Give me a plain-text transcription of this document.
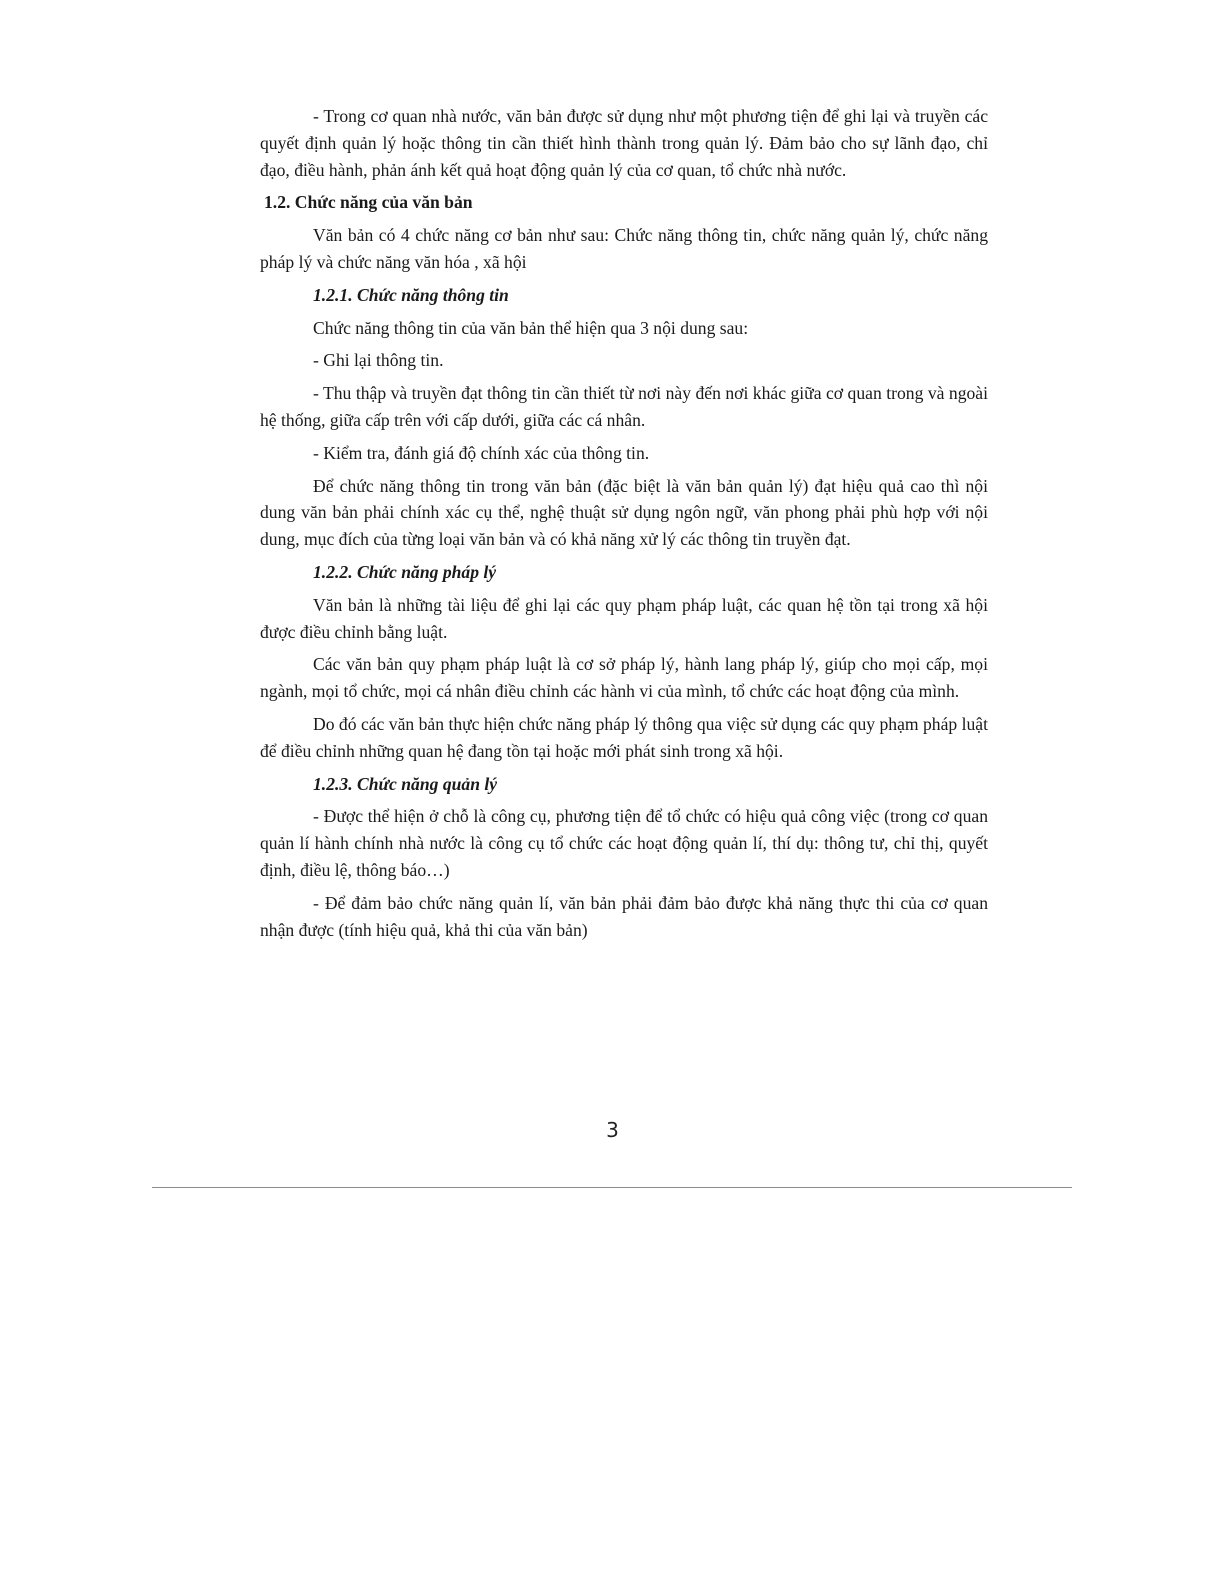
- Trong cơ quan nhà nước, văn bản được sử dụng như một phương tiện để ghi lại và truyền các quyết định quản lý hoặc thông tin cần thiết hình thành trong quản lý. Đảm bảo cho sự lãnh đạo, chỉ đạo, điều hành, phản ánh kết quả hoạt động quản lý của cơ quan, tổ chức nhà nước.

1.2. Chức năng của văn bản

Văn bản có 4 chức năng cơ bản như sau: Chức năng thông tin, chức năng quản lý, chức năng pháp lý và chức năng văn hóa , xã hội

1.2.1. Chức năng thông tin

Chức năng thông tin của văn bản thể hiện qua 3 nội dung sau:

- Ghi lại thông tin.

- Thu thập và truyền đạt thông tin cần thiết từ nơi này đến nơi khác giữa cơ quan trong và ngoài hệ thống, giữa cấp trên với cấp dưới, giữa các cá nhân.

- Kiểm tra, đánh giá độ chính xác của thông tin.

Để chức năng thông tin trong văn bản (đặc biệt là văn bản quản lý) đạt hiệu quả cao thì nội dung văn bản phải chính xác cụ thể, nghệ thuật sử dụng ngôn ngữ, văn phong phải phù hợp với nội dung, mục đích của từng loại văn bản và có khả năng xử lý các thông tin truyền đạt.

1.2.2. Chức năng pháp lý

Văn bản là những tài liệu để ghi lại các quy phạm pháp luật, các quan hệ tồn tại trong xã hội được điều chỉnh bằng luật.

Các văn bản quy phạm pháp luật là cơ sở pháp lý, hành lang pháp lý, giúp cho mọi cấp, mọi ngành, mọi tổ chức, mọi cá nhân điều chỉnh các hành vi của mình, tổ chức các hoạt động của mình.

Do đó các văn bản thực hiện chức năng pháp lý thông qua việc sử dụng các quy phạm pháp luật để điều chỉnh những quan hệ đang tồn tại hoặc mới phát sinh trong xã hội.

1.2.3. Chức năng quản lý

- Được thể hiện ở chỗ là công cụ, phương tiện để tổ chức có hiệu quả công việc (trong cơ quan quản lí hành chính nhà nước là công cụ tổ chức các hoạt động quản lí, thí dụ: thông tư, chỉ thị, quyết định, điều lệ, thông báo…)

- Để đảm bảo chức năng quản lí, văn bản phải đảm bảo được khả năng thực thi của cơ quan nhận được (tính hiệu quả, khả thi của văn bản)

3
